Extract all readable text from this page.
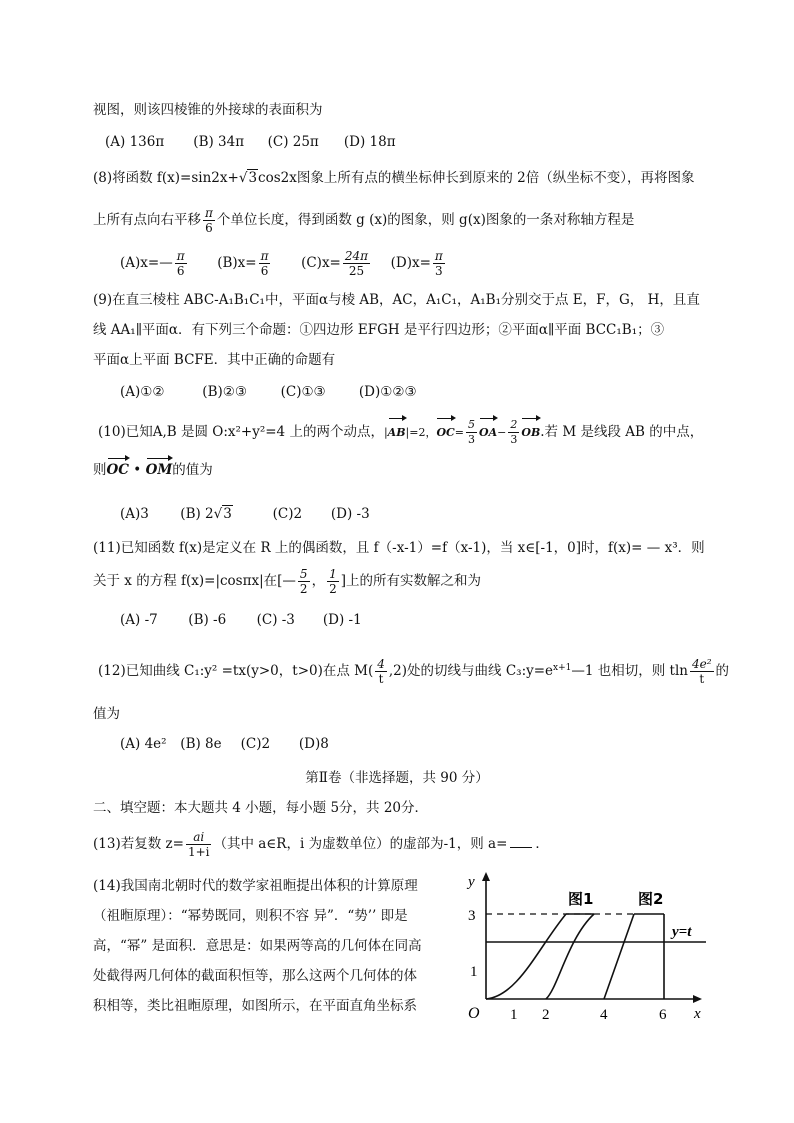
视图，则该四棱锥的外接球的表面积为
(A) 136π (B) 34π (C) 25π (D) 18π
(8)将函数 f(x)=sin2x+√3cos2x图象上所有点的横坐标伸长到原来的 2倍（纵坐标不变），再将图象
上所有点向右平移 $\frac{\pi}{6}$ 个单位长度，得到函数 g (x)的图象，则 g(x)图象的一条对称轴方程是
(A)x=— $\frac{\pi}{6} (B)x= \frac{\pi}{6} (C)x= \frac{24\pi}{25} (D)x= \frac{\pi}{3}$
(9)在直三棱柱 ABC-A₁B₁C₁中，平面α与棱 AB，AC，A₁C₁，A₁B₁分别交于点 E，F，G， H，且直
线 AA₁∥平面α．有下列三个命题：①四边形 EFGH 是平行四边形；②平面α∥平面 BCC₁B₁；③
平面α上平面 BCFE．其中正确的命题有
(A)①②	(B)②③ (C)①③ (D)①②③
(10)已知A,B 是圆 O:x²+y²=4 上的两个动点，|AB|=2，$OC= \frac{5}{3} OA- \frac{2}{3}$ OB.若 M 是线段 AB 的中点，
则OC • OM的值为
(A)3 (B) 2√3	(C)2 (D) -3
(11)已知函数 f(x)是定义在 R 上的偶函数，且 f（-x-1）=f（x-1)，当 x∈[-1，0]时，f(x)= — x³．则
关于 x 的方程 f(x)=|cosπx|在[— $\frac{5}{2}$ ， $\frac{1}{2}$ ]上的所有实数解之和为
(A) -7 (B) -6 (C) -3 (D) -1
(12)已知曲线 C₁:y² =tx(y>0，t>0)在点 $M( \frac{4}{t} ,2)$处的切线与曲线 $C_3:y=e^{x+1}—1$ 也相切，则 tln $\frac{\text{4e²}}{t}$ 的
值为
(A) 4e² (B) 8e (C)2 (D)8
第Ⅱ卷（非选择题，共 90 分）
二、填空题：本大题共 4 小题，每小题 5分，共 20分．
(13)若复数 $z= \frac{ai}{1+i}$ （其中 a∈R，i 为虚数单位）的虚部为-1，则 a= ．
(14)我国南北朝时代的数学家祖暅提出体积的计算原理
（祖暅原理）：“幂势既同，则积不容 异”．“势’’ 即是
高，“幂” 是面积．意思是：如果两等高的几何体在同高
处截得两几何体的截面积恒等，那么这两个几何体的体
积相等，类比祖暅原理，如图所示，在平面直角坐标系
y
x
O 1 2	4	6
3
1
图1	图2
y=t
